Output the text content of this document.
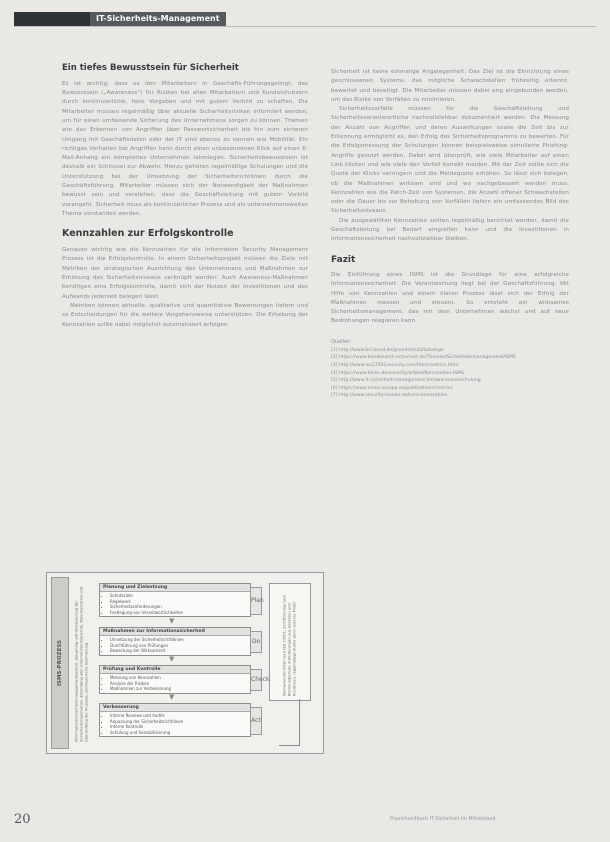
IT-Sicherheits-Management
Ein tiefes Bewusstsein für Sicherheit

Es ist wichtig, dass es den Mitarbeitern in Geschäfts-Führungsgelingt, das Bewusstsein („Awareness“) für Risiken bei allen Mitarbeitern und Kunden/nutzern durch kontinuierliche, faire Vorgaben und mit gutem Vorbild zu schaffen. Die Mitarbeiter müssen regelmäßig über aktuelle Sicherheitsrisiken informiert werden, um für einen umfassende Sicherung des Unternehmens sorgen zu können. Themen wie das Erkennen von Angriffen über Passwortsicherheit bis hin zum sicheren Umgang mit Geschäftsdaten oder der IT sind ebenso zu nennen wie Mobilität. Ein richtiges Verhalten bei Angriffen kann durch einen unbesonnenen Klick auf einen E-Mail-Anhang ein komplettes Unternehmen lahmlegen. Sicherheitsbewusstsein ist deshalb ein Schlüssel zur Abwehr. Hierzu gehören regelmäßige Schulungen und die Unterstützung bei der Umsetzung der Sicherheitsrichtlinien durch die Geschäftsführung. Mitarbeiter müssen sich der Notwendigkeit der Maßnahmen bewusst sein und verstehen, dass die Geschäftsleitung mit gutem Vorbild vorangeht. Sicherheit muss als kontinuierlicher Prozess und als unternehmensweites Thema verstanden werden.

Kennzahlen zur Erfolgskontrolle

Genauso wichtig wie die Kennzahlen für die Information Security Management Prozess ist die Erfolgskontrolle. In einem Sicherheitsprojekt müssen die Ziele mit Metriken der strategischen Ausrichtung des Unternehmens und Maßnahmen zur Erhöhung des Sicherheitsniveaus verknüpft werden. Auch Awareness-Maßnahmen benötigen eine Erfolgskontrolle, damit sich der Nutzen der Investitionen und des Aufwands jederzeit belegen lässt.

Metriken können aktuelle, qualitative und quantitative Bewertungen liefern und so Entscheidungen für die weitere Vorgehensweise unterstützen. Die Erhebung der Kennzahlen sollte dabei möglichst automatisiert erfolgen.

ISMS-PROZESS	Informationssicherheitsmanagementsystem: Steuerung und Verbesserung der Sicherheitsorganisation, Einbindung aller Unternehmensbereiche, Dokumentation und Überprüfung der Prozesse, kontinuierliche Optimierung
Planung und Zielsetzung
• Schutzziele
• Regelwerk
• Sicherheitsanforderungen
• Festlegung von Verantwortlichkeiten
Plan
▼
Maßnahmen zur Informationssicherheit
• Umsetzung der Sicherheitsrichtlinien
• Durchführung von Prüfungen
• Bewertung der Wirksamkeit
Do
▼
Prüfung und Kontrolle
• Messung von Kennzahlen
• Analyse der Risiken
• Maßnahmen zur Verbesserung
Check
▼
Verbesserung
• Interne Reviews und Audits
• Anpassung der Sicherheitsrichtlinien
• Interne Kontrolle
• Schulung und Sensibilisierung
Act
Normenkonformität nach ISO 27001, Zertifizierung nach BSI-Grundschutz, Anforderungen aus Gesetzen und Richtlinien, regelmäßige Audits durch externe Prüfer

Sicherheit ist keine einmalige Angelegenheit. Das Ziel ist die Einrichtung eines geschlossenen Systems, das mögliche Schwachstellen frühzeitig erkennt, bewertet und beseitigt. Die Mitarbeiter müssen dabei eng eingebunden werden, um das Risiko von Vorfällen zu minimieren.

Sicherheitsvorfälle müssen für die Geschäftsleitung und Sicherheitsverantwortliche nachvollziehbar dokumentiert werden. Die Messung der Anzahl von Angriffen und deren Auswirkungen sowie die Zeit bis zur Erkennung ermöglicht es, den Erfolg des Sicherheitsprogramms zu bewerten. Für die Erfolgsmessung der Schulungen können beispielsweise simulierte Phishing-Angriffe genutzt werden. Dabei wird überprüft, wie viele Mitarbeiter auf einen Link klicken und wie viele den Vorfall korrekt melden. Mit der Zeit sollte sich die Quote der Klicks verringern und die Meldequote erhöhen. So lässt sich belegen, ob die Maßnahmen wirksam sind und wo nachgebessert werden muss. Kennzahlen wie die Patch-Zeit von Systemen, die Anzahl offener Schwachstellen oder die Dauer bis zur Behebung von Vorfällen liefern ein umfassendes Bild des Sicherheitsniveaus.

Die ausgewählten Kennzahlen sollten regelmäßig berichtet werden, damit die Geschäftsleitung bei Bedarf eingreifen kann und die Investitionen in Informationssicherheit nachvollziehbar bleiben.

Fazit

Die Einführung eines ISMS ist die Grundlage für eine erfolgreiche Informationssicherheit. Die Verantwortung liegt bei der Geschäftsführung. Mit Hilfe von Kennzahlen und einem klaren Prozess lässt sich der Erfolg der Maßnahmen messen und steuern. So entsteht ein wirksames Sicherheitsmanagement, das mit dem Unternehmen wächst und auf neue Bedrohungen reagieren kann.

Quellen
[1] http://www.bsi.bund.de/grundschutz/kataloge
[2] https://www.bundesamt-sicherheit.de/Themen/Sicherheitsmanagement/ISMS
[3] http://www.iso27001security.com/html/metrics.html
[4] https://www.heise.de/security/artikel/Kennzahlen-ISMS
[5] http://www.it-sicherheit-management.de/awareness/schulung
[6] https://www.enisa.europa.eu/publications/metrics
[7] http://www.security-insider.de/isms-kennzahlen
20	Praxishandbuch IT-Sicherheit im Mittelstand
